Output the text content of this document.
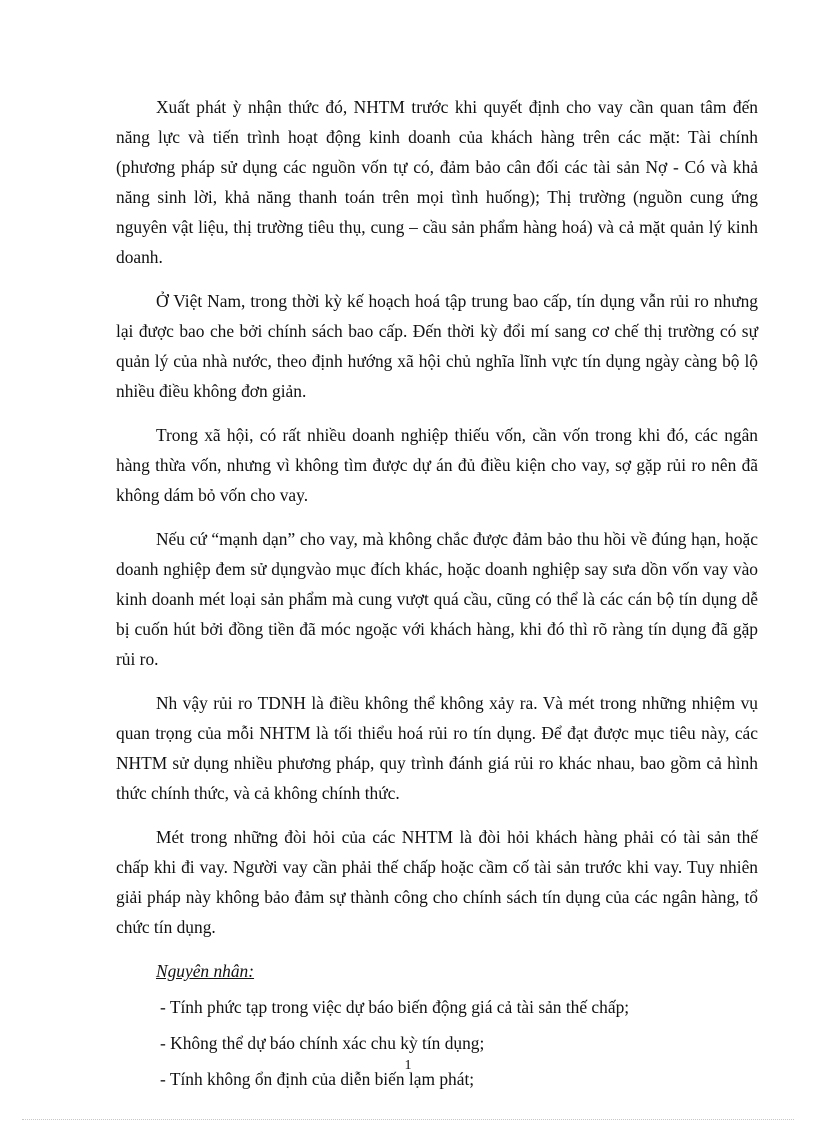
Xuất phát ỳ nhận thức đó, NHTM trước khi quyết định cho vay cần quan tâm đến năng lực và tiến trình hoạt động kinh doanh của khách hàng trên các mặt: Tài chính (phương pháp sử dụng các nguồn vốn tự có, đảm bảo cân đối các tài sản Nợ - Có và khả năng sinh lời, khả năng thanh toán trên mọi tình huống); Thị trường (nguồn cung ứng nguyên vật liệu, thị trường tiêu thụ, cung – cầu sản phẩm hàng hoá) và cả mặt quản lý kinh doanh.

Ở Việt Nam, trong thời kỳ kế hoạch hoá tập trung bao cấp, tín dụng vẫn rủi ro nhưng lại được bao che bởi chính sách bao cấp. Đến thời kỳ đổi mí sang cơ chế thị trường có sự quản lý của nhà nước, theo định hướng xã hội chủ nghĩa lĩnh vực tín dụng ngày càng bộ lộ nhiều điều không đơn giản.

Trong xã hội, có rất nhiều doanh nghiệp thiếu vốn, cần vốn trong khi đó, các ngân hàng thừa vốn, nhưng vì không tìm được dự án đủ điều kiện cho vay, sợ gặp rủi ro nên đã không dám bỏ vốn cho vay.

Nếu cứ “mạnh dạn” cho vay, mà không chắc được đảm bảo thu hồi về đúng hạn, hoặc doanh nghiệp đem sử dụngvào mục đích khác, hoặc doanh nghiệp say sưa dồn vốn vay vào kinh doanh mét loại sản phẩm mà cung vượt quá cầu, cũng có thể là các cán bộ tín dụng dễ bị cuốn hút bởi đồng tiền đã móc ngoặc với khách hàng, khi đó thì rõ ràng tín dụng đã gặp rủi ro.

Nh vậy rủi ro TDNH là điều không thể không xảy ra. Và mét trong những nhiệm vụ quan trọng của mỗi NHTM là tối thiểu hoá rủi ro tín dụng. Để đạt được mục tiêu này, các NHTM sử dụng nhiều phương pháp, quy trình đánh giá rủi ro khác nhau, bao gồm cả hình thức chính thức, và cả không chính thức.

Mét trong những đòi hỏi của các NHTM là đòi hỏi khách hàng phải có tài sản thế chấp khi đi vay. Người vay cần phải thế chấp hoặc cầm cố tài sản trước khi vay. Tuy nhiên giải pháp này không bảo đảm sự thành công cho chính sách tín dụng của các ngân hàng, tổ chức tín dụng.

Nguyên nhân:

- Tính phức tạp trong việc dự báo biến động giá cả tài sản thế chấp;
- Không thể dự báo chính xác chu kỳ tín dụng;
- Tính không ổn định của diễn biến lạm phát;
1
